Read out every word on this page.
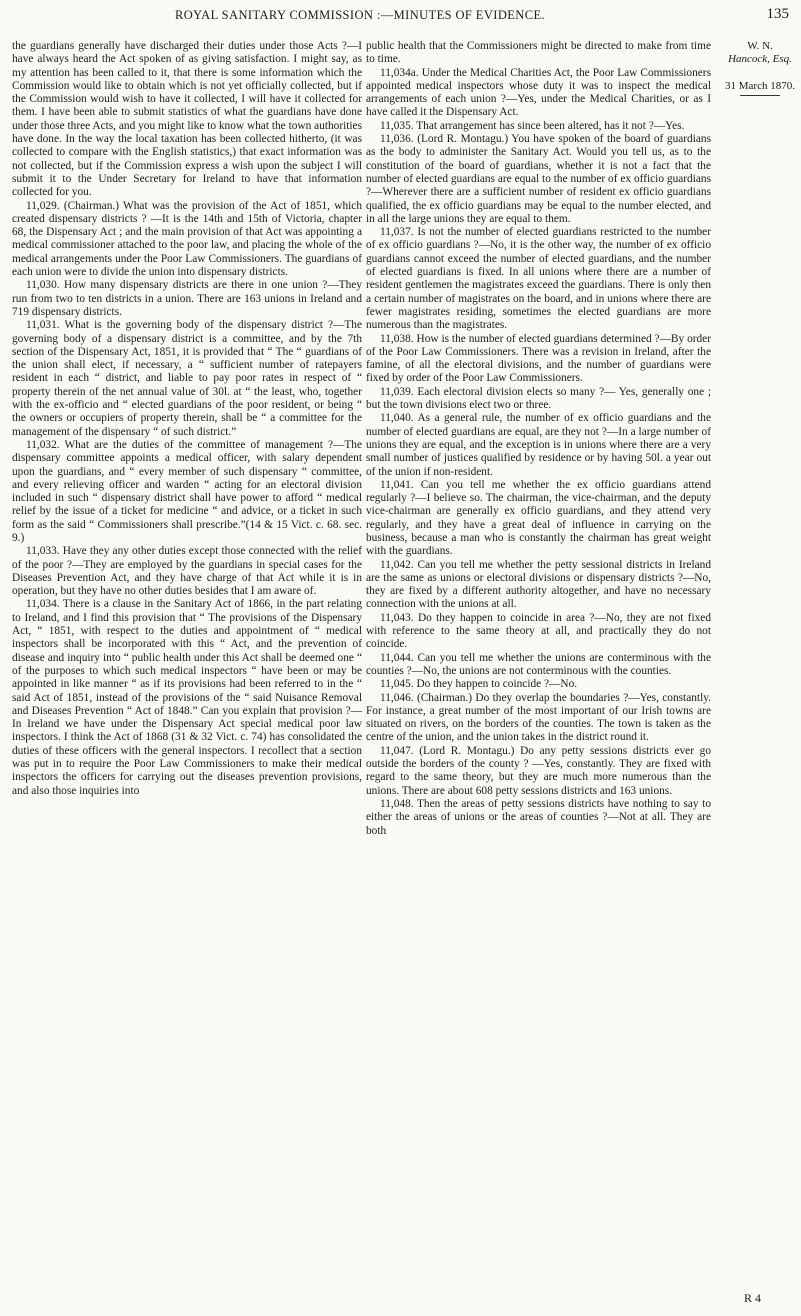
ROYAL SANITARY COMMISSION :—MINUTES OF EVIDENCE.	135

the guardians generally have discharged their duties under those Acts ?—I have always heard the Act spoken of as giving satisfaction. I might say, as my attention has been called to it, that there is some information which the Commission would like to obtain which is not yet officially collected, but if the Commission would wish to have it collected, I will have it collected for them. I have been able to submit statistics of what the guardians have done under those three Acts, and you might like to know what the town authorities have done. In the way the local taxation has been collected hitherto, (it was collected to compare with the English statistics,) that exact information was not collected, but if the Commission express a wish upon the subject I will submit it to the Under Secretary for Ireland to have that information collected for you.

11,029. (Chairman.) What was the provision of the Act of 1851, which created dispensary districts ? —It is the 14th and 15th of Victoria, chapter 68, the Dispensary Act ; and the main provision of that Act was appointing a medical commissioner attached to the poor law, and placing the whole of the medical arrangements under the Poor Law Commissioners. The guardians of each union were to divide the union into dispensary districts.

11,030. How many dispensary districts are there in one union ?—They run from two to ten districts in a union. There are 163 unions in Ireland and 719 dispensary districts.

11,031. What is the governing body of the dispensary district ?—The governing body of a dispensary district is a committee, and by the 7th section of the Dispensary Act, 1851, it is provided that “ The “ guardians of the union shall elect, if necessary, a “ sufficient number of ratepayers resident in each “ district, and liable to pay poor rates in respect of “ property therein of the net annual value of 30l. at “ the least, who, together with the ex-officio and “ elected guardians of the poor resident, or being “ the owners or occupiers of property therein, shall be “ a committee for the management of the dispensary “ of such district.”

11,032. What are the duties of the committee of management ?—The dispensary committee appoints a medical officer, with salary dependent upon the guardians, and “ every member of such dispensary “ committee, and every relieving officer and warden “ acting for an electoral division included in such “ dispensary district shall have power to afford “ medical relief by the issue of a ticket for medicine “ and advice, or a ticket in such form as the said “ Commissioners shall prescribe.”(14 & 15 Vict. c. 68. sec. 9.)

11,033. Have they any other duties except those connected with the relief of the poor ?—They are employed by the guardians in special cases for the Diseases Prevention Act, and they have charge of that Act while it is in operation, but they have no other duties besides that I am aware of.

11,034. There is a clause in the Sanitary Act of 1866, in the part relating to Ireland, and I find this provision that “ The provisions of the Dispensary Act, “ 1851, with respect to the duties and appointment of “ medical inspectors shall be incorporated with this “ Act, and the prevention of disease and inquiry into “ public health under this Act shall be deemed one “ of the purposes to which such medical inspectors “ have been or may be appointed in like manner “ as if its provisions had been referred to in the “ said Act of 1851, instead of the provisions of the “ said Nuisance Removal and Diseases Prevention “ Act of 1848.” Can you explain that provision ?— In Ireland we have under the Dispensary Act special medical poor law inspectors. I think the Act of 1868 (31 & 32 Vict. c. 74) has consolidated the duties of these officers with the general inspectors. I recollect that a section was put in to require the Poor Law Commissioners to make their medical inspectors the officers for carrying out the diseases prevention provisions, and also those inquiries into

public health that the Commissioners might be directed to make from time to time.

11,034a. Under the Medical Charities Act, the Poor Law Commissioners appointed medical inspectors whose duty it was to inspect the medical arrangements of each union ?—Yes, under the Medical Charities, or as I have called it the Dispensary Act.

11,035. That arrangement has since been altered, has it not ?—Yes.

11,036. (Lord R. Montagu.) You have spoken of the board of guardians as the body to administer the Sanitary Act. Would you tell us, as to the constitution of the board of guardians, whether it is not a fact that the number of elected guardians are equal to the number of ex officio guardians ?—Wherever there are a sufficient number of resident ex officio guardians qualified, the ex officio guardians may be equal to the number elected, and in all the large unions they are equal to them.

11,037. Is not the number of elected guardians restricted to the number of ex officio guardians ?—No, it is the other way, the number of ex officio guardians cannot exceed the number of elected guardians, and the number of elected guardians is fixed. In all unions where there are a number of resident gentlemen the magistrates exceed the guardians. There is only then a certain number of magistrates on the board, and in unions where there are fewer magistrates residing, sometimes the elected guardians are more numerous than the magistrates.

11,038. How is the number of elected guardians determined ?—By order of the Poor Law Commissioners. There was a revision in Ireland, after the famine, of all the electoral divisions, and the number of guardians were fixed by order of the Poor Law Commissioners.

11,039. Each electoral division elects so many ?— Yes, generally one ; but the town divisions elect two or three.

11,040. As a general rule, the number of ex officio guardians and the number of elected guardians are equal, are they not ?—In a large number of unions they are equal, and the exception is in unions where there are a very small number of justices qualified by residence or by having 50l. a year out of the union if non-resident.

11,041. Can you tell me whether the ex officio guardians attend regularly ?—I believe so. The chairman, the vice-chairman, and the deputy vice-chairman are generally ex officio guardians, and they attend very regularly, and they have a great deal of influence in carrying on the business, because a man who is constantly the chairman has great weight with the guardians.

11,042. Can you tell me whether the petty sessional districts in Ireland are the same as unions or electoral divisions or dispensary districts ?—No, they are fixed by a different authority altogether, and have no necessary connection with the unions at all.

11,043. Do they happen to coincide in area ?—No, they are not fixed with reference to the same theory at all, and practically they do not coincide.

11,044. Can you tell me whether the unions are conterminous with the counties ?—No, the unions are not conterminous with the counties.

11,045. Do they happen to coincide ?—No.

11,046. (Chairman.) Do they overlap the boundaries ?—Yes, constantly. For instance, a great number of the most important of our Irish towns are situated on rivers, on the borders of the counties. The town is taken as the centre of the union, and the union takes in the district round it.

11,047. (Lord R. Montagu.) Do any petty sessions districts ever go outside the borders of the county ? —Yes, constantly. They are fixed with regard to the same theory, but they are much more numerous than the unions. There are about 608 petty sessions districts and 163 unions.

11,048. Then the areas of petty sessions districts have nothing to say to either the areas of unions or the areas of counties ?—Not at all. They are both

W. N.
Hancock, Esq.
31 March 1870.
R 4
